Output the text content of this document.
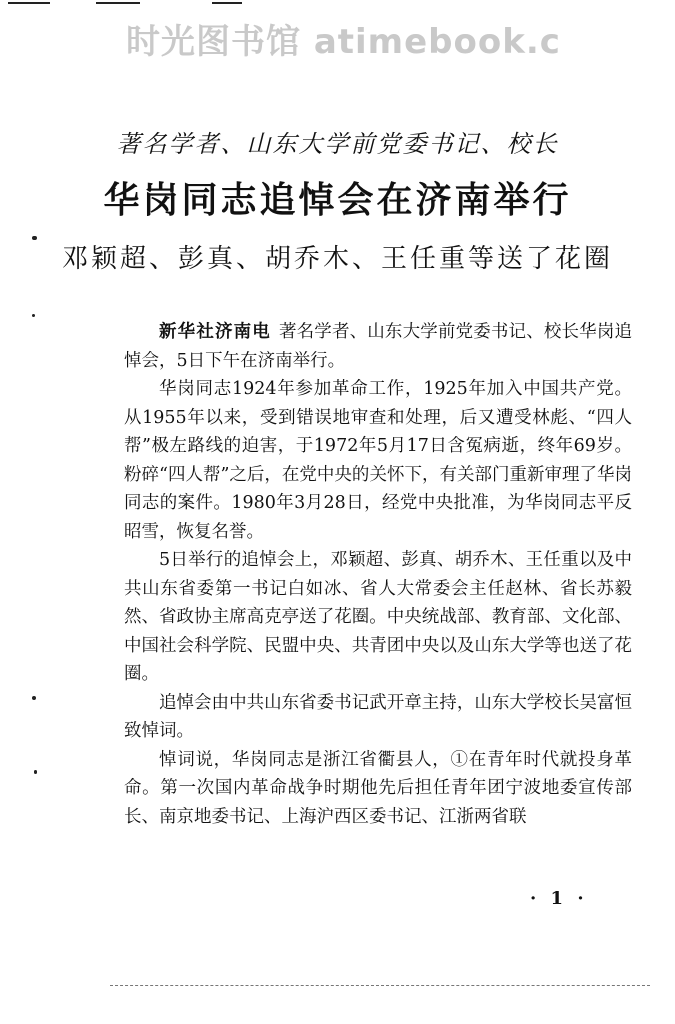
时光图书馆 atimebook.c
著名学者、山东大学前党委书记、校长
华岗同志追悼会在济南举行
邓颖超、彭真、胡乔木、王任重等送了花圈

新华社济南电 著名学者、山东大学前党委书记、校长华岗追悼会，5日下午在济南举行。

华岗同志1924年参加革命工作，1925年加入中国共产党。从1955年以来，受到错误地审查和处理，后又遭受林彪、“四人帮”极左路线的迫害，于1972年5月17日含冤病逝，终年69岁。粉碎“四人帮”之后，在党中央的关怀下，有关部门重新审理了华岗同志的案件。1980年3月28日，经党中央批准，为华岗同志平反昭雪，恢复名誉。

5日举行的追悼会上，邓颖超、彭真、胡乔木、王任重以及中共山东省委第一书记白如冰、省人大常委会主任赵林、省长苏毅然、省政协主席高克亭送了花圈。中央统战部、教育部、文化部、中国社会科学院、民盟中央、共青团中央以及山东大学等也送了花圈。

追悼会由中共山东省委书记武开章主持，山东大学校长吴富恒致悼词。

悼词说，华岗同志是浙江省衢县人，①在青年时代就投身革命。第一次国内革命战争时期他先后担任青年团宁波地委宣传部长、南京地委书记、上海沪西区委书记、江浙两省联

· 1 ·
